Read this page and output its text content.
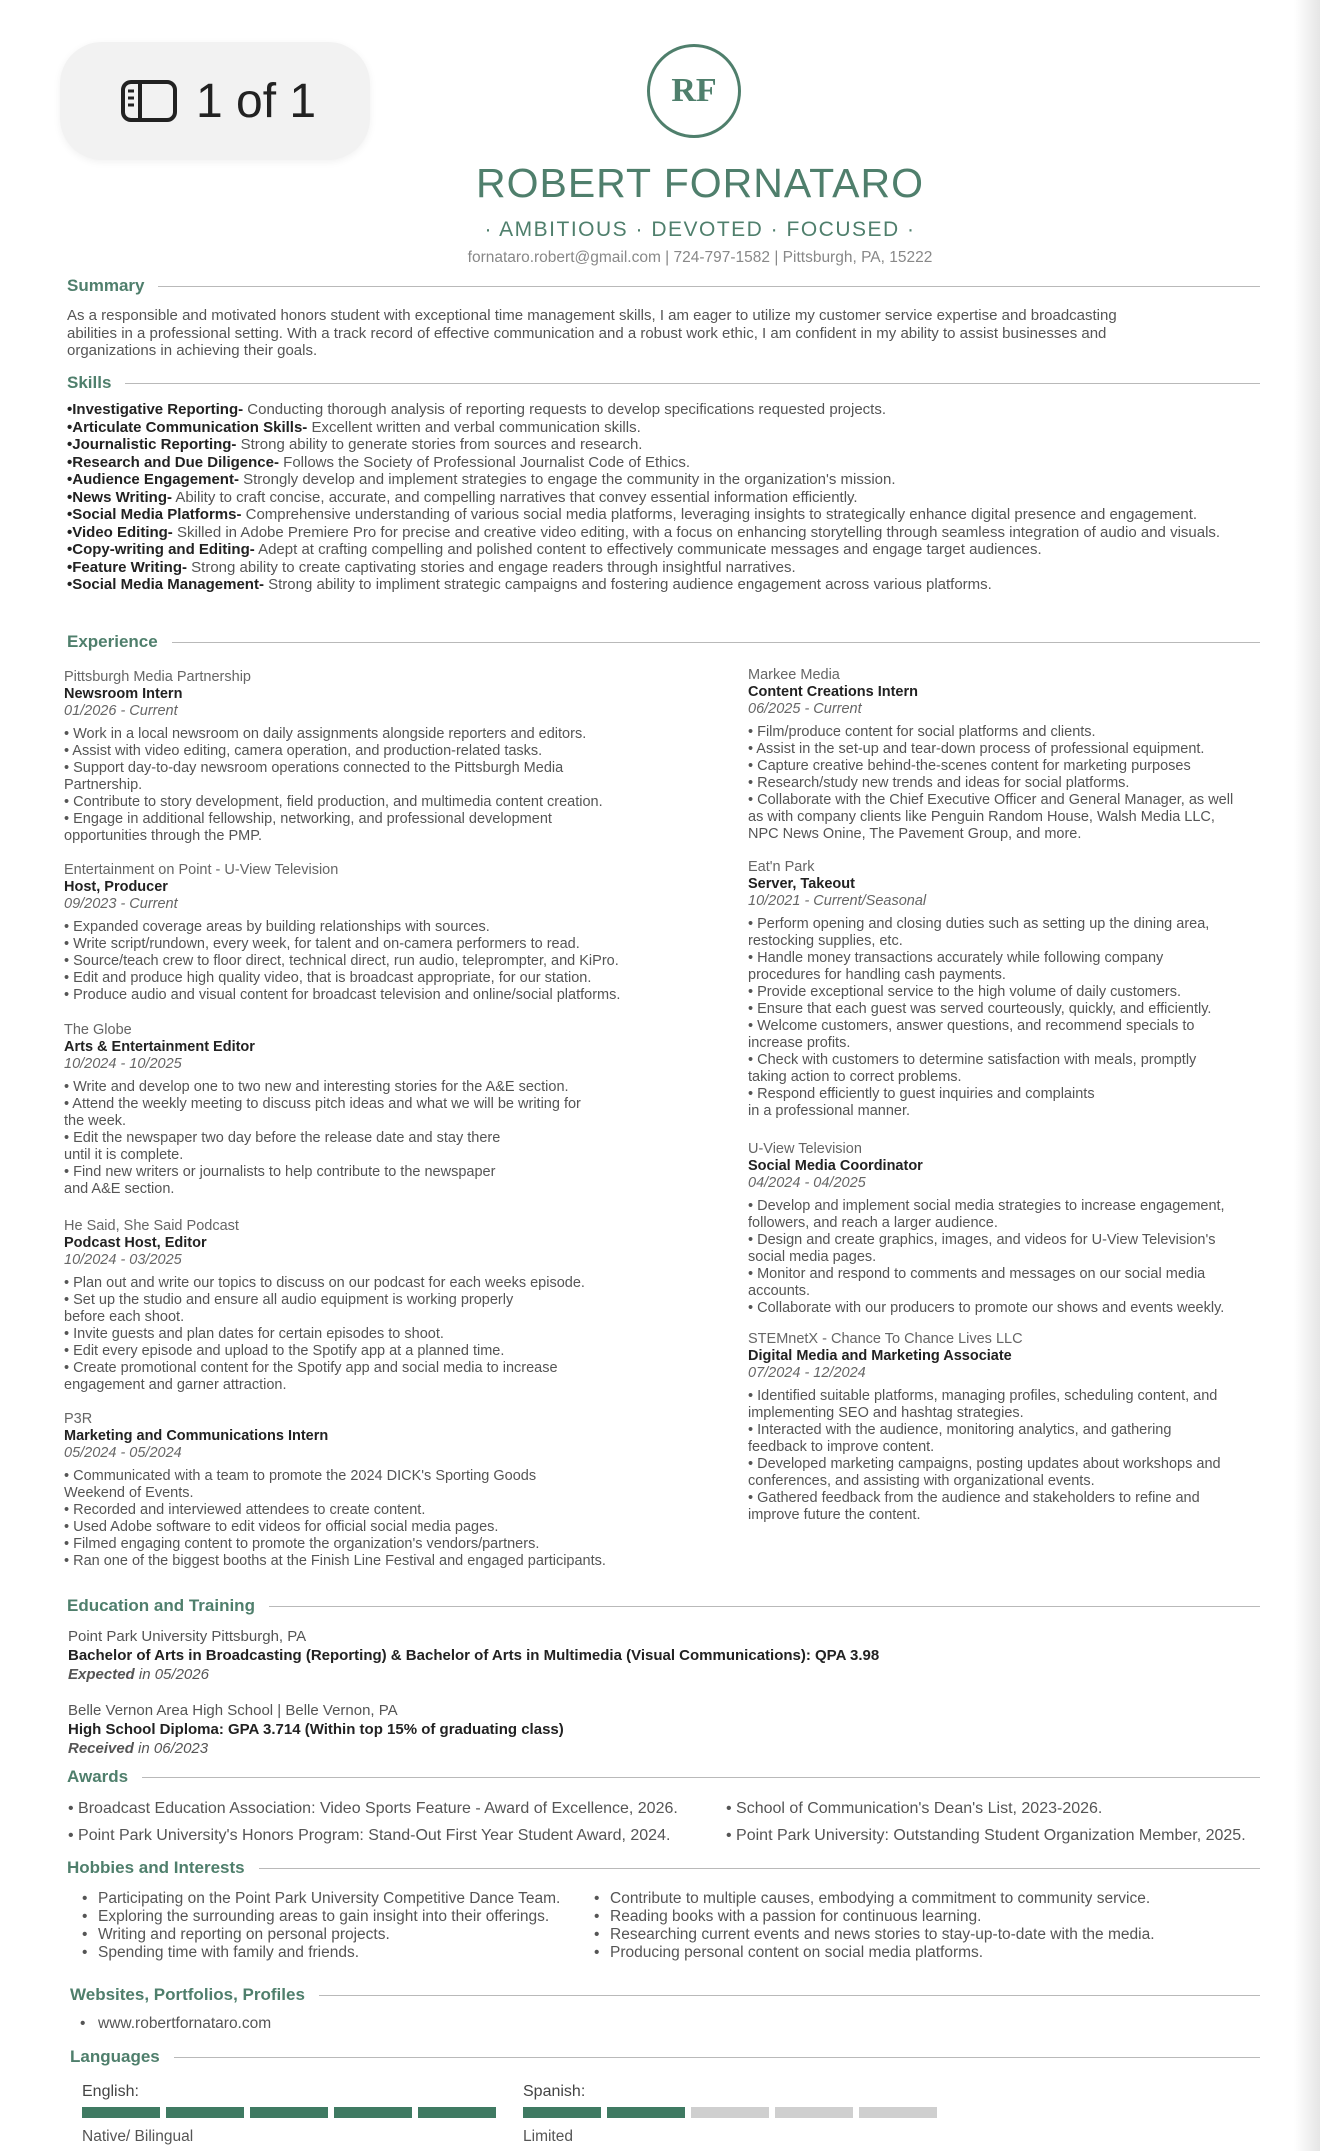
1 of 1	RF
ROBERT FORNATARO
· AMBITIOUS · DEVOTED · FOCUSED ·
fornataro.robert@gmail.com | 724-797-1582 | Pittsburgh, PA, 15222
Summary
As a responsible and motivated honors student with exceptional time management skills, I am eager to utilize my customer service expertise and broadcasting
abilities in a professional setting. With a track record of effective communication and a robust work ethic, I am confident in my ability to assist businesses and
organizations in achieving their goals.
Skills
•Investigative Reporting- Conducting thorough analysis of reporting requests to develop specifications requested projects.
•Articulate Communication Skills- Excellent written and verbal communication skills.
•Journalistic Reporting- Strong ability to generate stories from sources and research.
•Research and Due Diligence- Follows the Society of Professional Journalist Code of Ethics.
•Audience Engagement- Strongly develop and implement strategies to engage the community in the organization's mission.
•News Writing- Ability to craft concise, accurate, and compelling narratives that convey essential information efficiently.
•Social Media Platforms- Comprehensive understanding of various social media platforms, leveraging insights to strategically enhance digital presence and engagement.
•Video Editing- Skilled in Adobe Premiere Pro for precise and creative video editing, with a focus on enhancing storytelling through seamless integration of audio and visuals.
•Copy-writing and Editing- Adept at crafting compelling and polished content to effectively communicate messages and engage target audiences.
•Feature Writing- Strong ability to create captivating stories and engage readers through insightful narratives.
•Social Media Management- Strong ability to impliment strategic campaigns and fostering audience engagement across various platforms.
Experience
Pittsburgh Media Partnership
Newsroom Intern
01/2026 - Current
• Work in a local newsroom on daily assignments alongside reporters and editors.
• Assist with video editing, camera operation, and production-related tasks.
• Support day-to-day newsroom operations connected to the Pittsburgh Media
Partnership.
• Contribute to story development, field production, and multimedia content creation.
• Engage in additional fellowship, networking, and professional development
opportunities through the PMP.
Entertainment on Point - U-View Television
Host, Producer
09/2023 - Current
• Expanded coverage areas by building relationships with sources.
• Write script/rundown, every week, for talent and on-camera performers to read.
• Source/teach crew to floor direct, technical direct, run audio, teleprompter, and KiPro.
• Edit and produce high quality video, that is broadcast appropriate, for our station.
• Produce audio and visual content for broadcast television and online/social platforms.
The Globe
Arts & Entertainment Editor
10/2024 - 10/2025
• Write and develop one to two new and interesting stories for the A&E section.
• Attend the weekly meeting to discuss pitch ideas and what we will be writing for
the week.
• Edit the newspaper two day before the release date and stay there
until it is complete.
• Find new writers or journalists to help contribute to the newspaper
and A&E section.
He Said, She Said Podcast
Podcast Host, Editor
10/2024 - 03/2025
• Plan out and write our topics to discuss on our podcast for each weeks episode.
• Set up the studio and ensure all audio equipment is working properly
before each shoot.
• Invite guests and plan dates for certain episodes to shoot.
• Edit every episode and upload to the Spotify app at a planned time.
• Create promotional content for the Spotify app and social media to increase
engagement and garner attraction.
P3R
Marketing and Communications Intern
05/2024 - 05/2024
• Communicated with a team to promote the 2024 DICK's Sporting Goods
Weekend of Events.
• Recorded and interviewed attendees to create content.
• Used Adobe software to edit videos for official social media pages.
• Filmed engaging content to promote the organization's vendors/partners.
• Ran one of the biggest booths at the Finish Line Festival and engaged participants.
Markee Media
Content Creations Intern
06/2025 - Current
• Film/produce content for social platforms and clients.
• Assist in the set-up and tear-down process of professional equipment.
• Capture creative behind-the-scenes content for marketing purposes
• Research/study new trends and ideas for social platforms.
• Collaborate with the Chief Executive Officer and General Manager, as well
as with company clients like Penguin Random House, Walsh Media LLC,
NPC News Onine, The Pavement Group, and more.
Eat'n Park
Server, Takeout
10/2021 - Current/Seasonal
• Perform opening and closing duties such as setting up the dining area,
restocking supplies, etc.
• Handle money transactions accurately while following company
procedures for handling cash payments.
• Provide exceptional service to the high volume of daily customers.
• Ensure that each guest was served courteously, quickly, and efficiently.
• Welcome customers, answer questions, and recommend specials to
increase profits.
• Check with customers to determine satisfaction with meals, promptly
taking action to correct problems.
• Respond efficiently to guest inquiries and complaints
in a professional manner.
U-View Television
Social Media Coordinator
04/2024 - 04/2025
• Develop and implement social media strategies to increase engagement,
followers, and reach a larger audience.
• Design and create graphics, images, and videos for U-View Television's
social media pages.
• Monitor and respond to comments and messages on our social media
accounts.
• Collaborate with our producers to promote our shows and events weekly.
STEMnetX - Chance To Chance Lives LLC
Digital Media and Marketing Associate
07/2024 - 12/2024
• Identified suitable platforms, managing profiles, scheduling content, and
implementing SEO and hashtag strategies.
• Interacted with the audience, monitoring analytics, and gathering
feedback to improve content.
• Developed marketing campaigns, posting updates about workshops and
conferences, and assisting with organizational events.
• Gathered feedback from the audience and stakeholders to refine and
improve future the content.
Education and Training
Point Park University Pittsburgh, PA
Bachelor of Arts in Broadcasting (Reporting) & Bachelor of Arts in Multimedia (Visual Communications): QPA 3.98
Expected in 05/2026
Belle Vernon Area High School | Belle Vernon, PA
High School Diploma: GPA 3.714 (Within top 15% of graduating class)
Received in 06/2023
Awards
• Broadcast Education Association: Video Sports Feature - Award of Excellence, 2026.	• School of Communication's Dean's List, 2023-2026.
• Point Park University's Honors Program: Stand-Out First Year Student Award, 2024.	• Point Park University: Outstanding Student Organization Member, 2025.
Hobbies and Interests
• Participating on the Point Park University Competitive Dance Team.
• Exploring the surrounding areas to gain insight into their offerings.
• Writing and reporting on personal projects.
• Spending time with family and friends.
• Contribute to multiple causes, embodying a commitment to community service.
• Reading books with a passion for continuous learning.
• Researching current events and news stories to stay-up-to-date with the media.
• Producing personal content on social media platforms.
Websites, Portfolios, Profiles
• www.robertfornataro.com
Languages
English:
Native/ Bilingual
Spanish:
Limited
